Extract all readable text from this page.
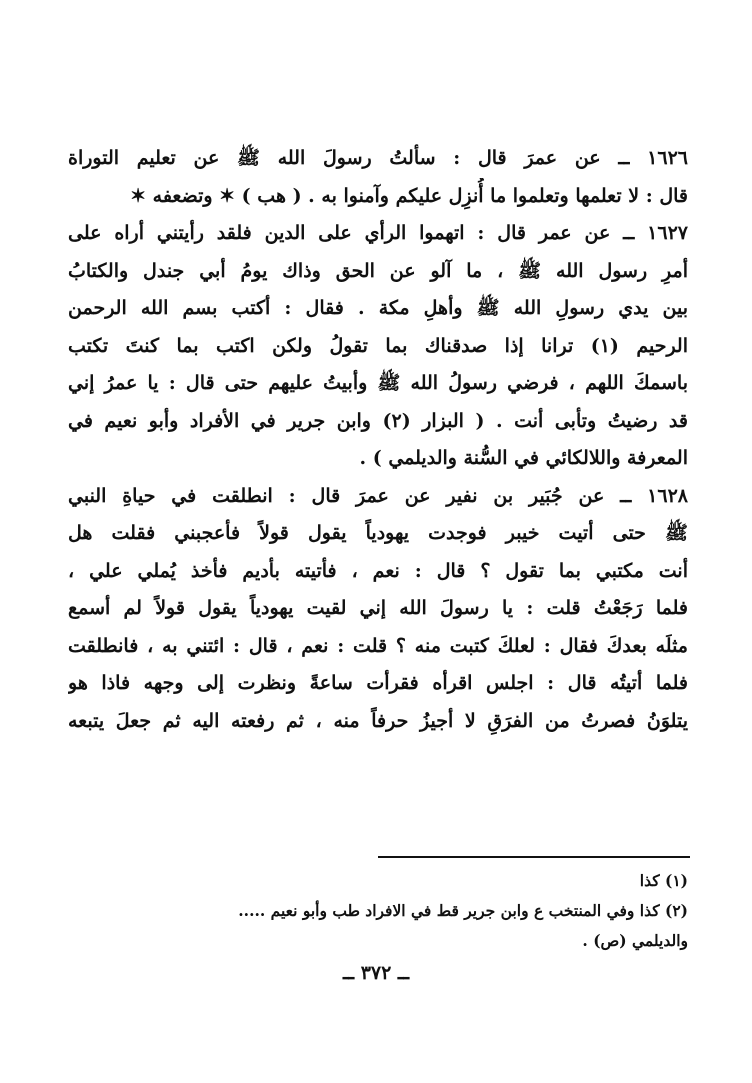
١٦٢٦ ــ عن عمرَ قال : سألتُ رسولَ الله ﷺ عن تعليم التوراة
قال : لا تعلمها وتعلموا ما أُنزِل عليكم وآمنوا به . ( هب ) ✶ وتضعفه ✶
١٦٢٧ ــ عن عمر قال : اتهموا الرأي على الدين فلقد رأيتني أراه على
أمرِ رسول الله ﷺ ، ما آلو عن الحق وذاك يومُ أبي جندل والكتابُ
بين يدي رسولِ الله ﷺ وأهلِ مكة . فقال : أكتب بسم الله الرحمن
الرحيم (١) ترانا إذا صدقناك بما تقولُ ولكن اكتب بما كنتَ تكتب
باسمكَ اللهم ، فرضي رسولُ الله ﷺ وأبيتُ عليهم حتى قال : يا عمرُ إني
قد رضيتُ وتأبى أنت . ( البزار (٢) وابن جرير في الأفراد وأبو نعيم في
المعرفة واللالكائي في السُّنة والديلمي ) .
١٦٢٨ ــ عن جُبَير بن نفير عن عمرَ قال : انطلقت في حياةِ النبي
ﷺ حتى أتيت خيبر فوجدت يهودياً يقول قولاً فأعجبني فقلت هل
أنت مكتبي بما تقول ؟ قال : نعم ، فأتيته بأديم فأخذ يُملي علي ،
فلما رَجَعْتُ قلت : يا رسولَ الله إني لقيت يهودياً يقول قولاً لم أسمع
مثلَه بعدكَ فقال : لعلكَ كتبت منه ؟ قلت : نعم ، قال : ائتني به ، فانطلقت
فلما أتيتُه قال : اجلس اقرأه فقرأت ساعةً ونظرت إلى وجهه فاذا هو
يتلوَنُ فصرتُ من الفرَقِ لا أجيزُ حرفاً منه ، ثم رفعته اليه ثم جعلَ يتبعه
(١) كذا
(٢) كذا وفي المنتخب ع وابن جرير قط في الافراد طب وأبو نعيم .....
والديلمي (ص) .
ــ ٣٧٢ ــ
